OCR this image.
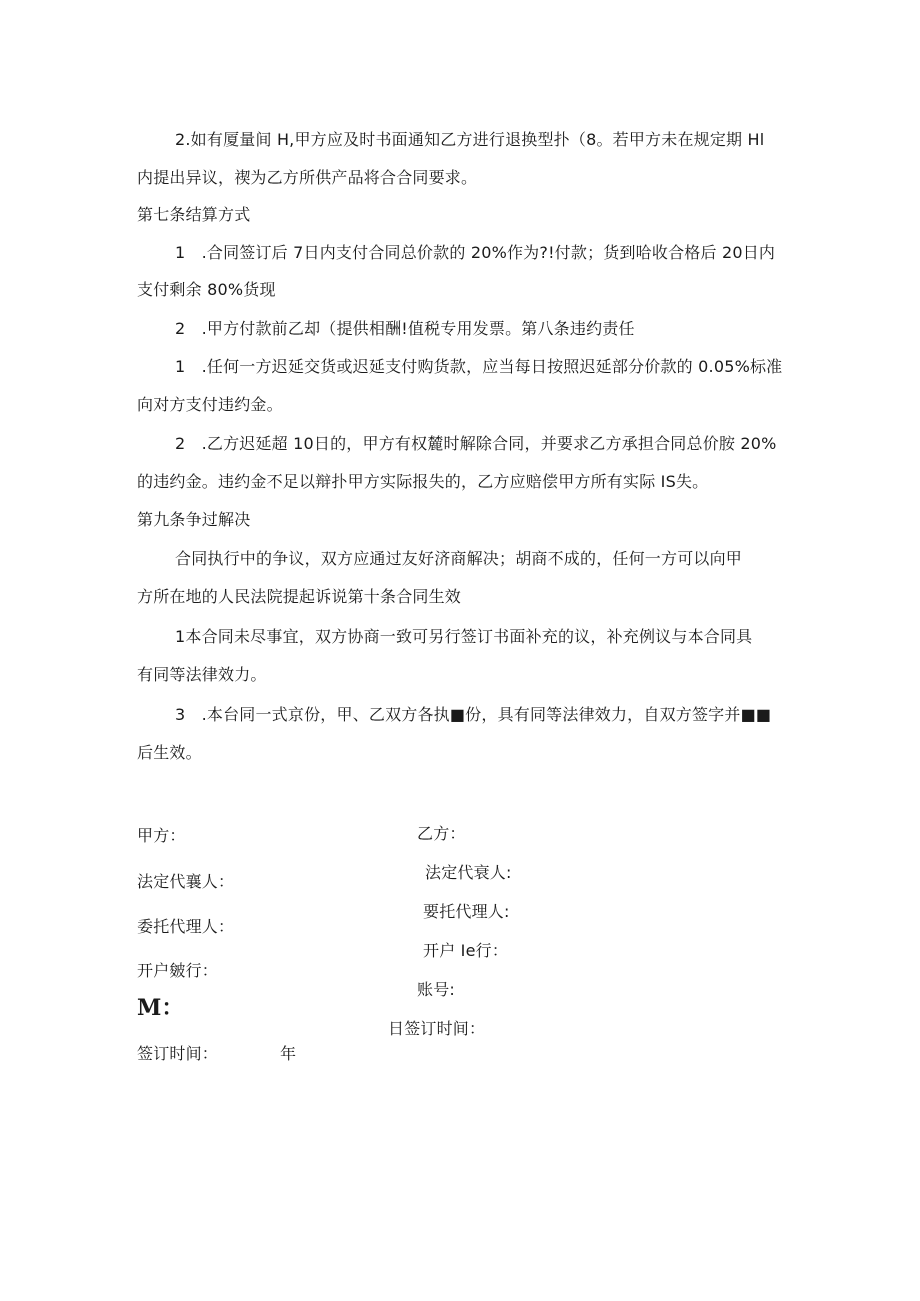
2.如有厦量间 H,甲方应及时书面通知乙方进行退换型扑（8。若甲方未在规定期 Hl
内提出异议，禊为乙方所供产品将合合同要求。
第七条结算方式
1　.合同签订后 7日内支付合同总价款的 20%作为?!付款；货到哈收合格后 20日内
支付剩余 80%货现
2　.甲方付款前乙却（提供相酬!值税专用发票。第八条违约责任
1　.任何一方迟延交货或迟延支付购货款，应当每日按照迟延部分价款的 0.05%标准
向对方支付违约金。
2　.乙方迟延超 10日的，甲方有权麓时解除合同，并要求乙方承担合同总价胺 20%
的违约金。违约金不足以辩扑甲方实际报失的，乙方应赔偿甲方所有实际 IS失。
第九条争过解决
合同执行中的争议，双方应通过友好济商解决；胡商不成的，任何一方可以向甲
方所在地的人民法院提起诉说第十条合同生效
1本合同未尽事宜，双方协商一致可另行签订书面补充的议，补充例议与本合同具
有同等法律效力。
3　.本台同一式京份，甲、乙双方各执■份，具有同等法律效力，自双方签字并■■
后生效。
甲方：
法定代襄人：
委托代理人：
开户皴行：
M：
签订时间：	年
乙方：
法定代衰人:
要托代理人:
开户 Ie行：
账号:
日签订时间：
